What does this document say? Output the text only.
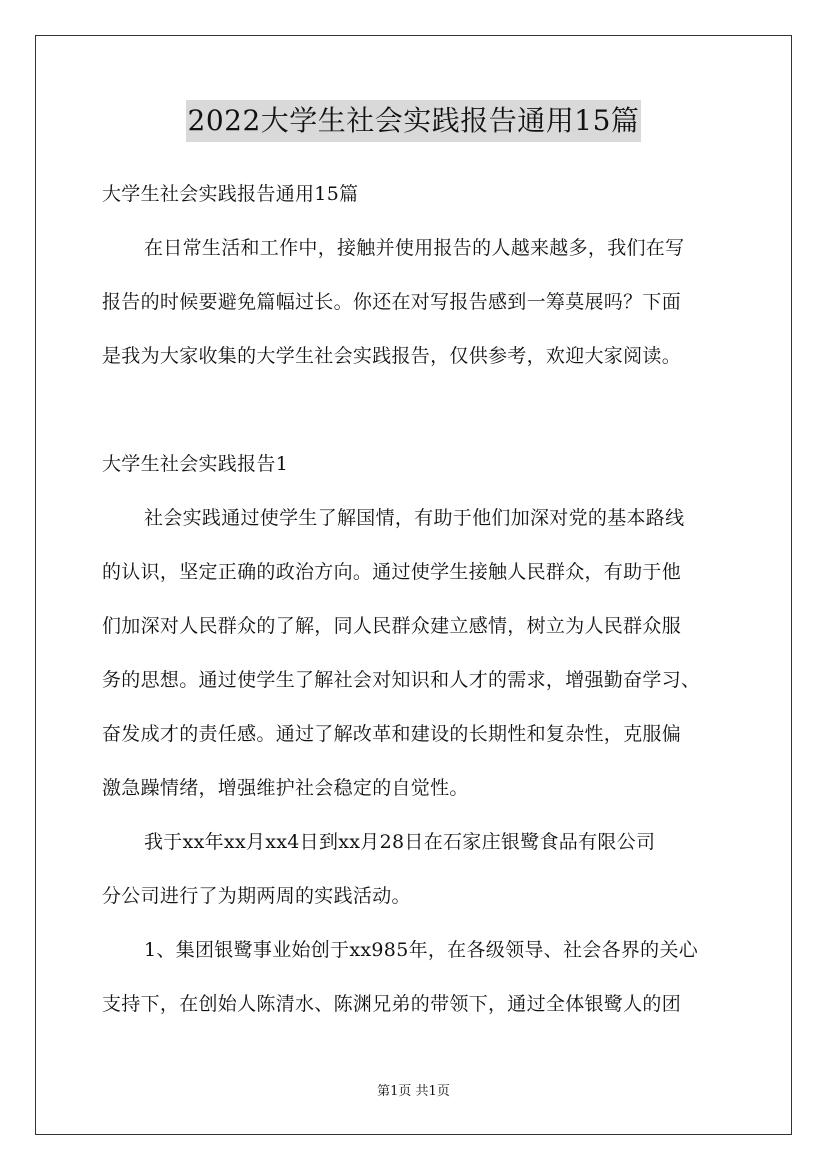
2022大学生社会实践报告通用15篇
大学生社会实践报告通用15篇
在日常生活和工作中，接触并使用报告的人越来越多，我们在写
报告的时候要避免篇幅过长。你还在对写报告感到一筹莫展吗？下面
是我为大家收集的大学生社会实践报告，仅供参考，欢迎大家阅读。
大学生社会实践报告1
社会实践通过使学生了解国情，有助于他们加深对党的基本路线
的认识，坚定正确的政治方向。通过使学生接触人民群众，有助于他
们加深对人民群众的了解，同人民群众建立感情，树立为人民群众服
务的思想。通过使学生了解社会对知识和人才的需求，增强勤奋学习、
奋发成才的责任感。通过了解改革和建设的长期性和复杂性，克服偏
激急躁情绪，增强维护社会稳定的自觉性。
我于xx年xx月xx4日到xx月28日在石家庄银鹭食品有限公司
分公司进行了为期两周的实践活动。
1、集团银鹭事业始创于xx985年，在各级领导、社会各界的关心
支持下，在创始人陈清水、陈渊兄弟的带领下，通过全体银鹭人的团
第1页 共1页
